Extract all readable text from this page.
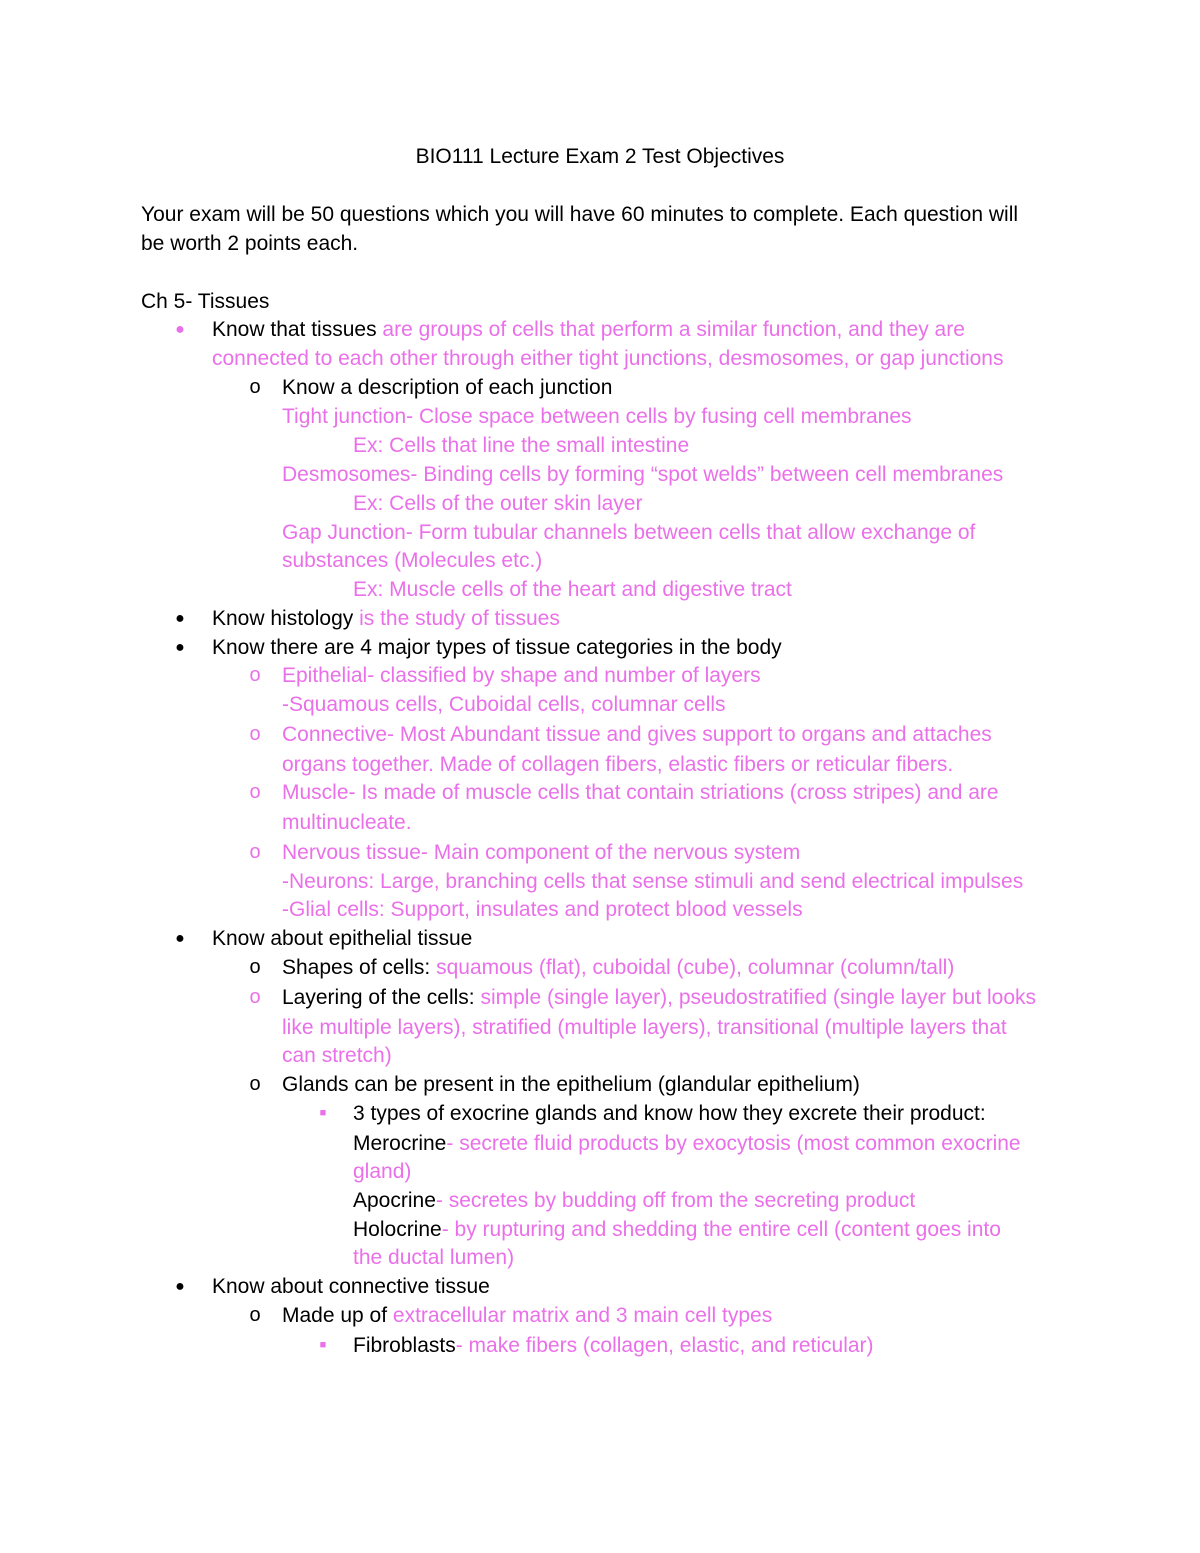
BIO111 Lecture Exam 2 Test Objectives
Your exam will be 50 questions which you will have 60 minutes to complete. Each question will
be worth 2 points each.
Ch 5- Tissues
● Know that tissues are groups of cells that perform a similar function, and they are
connected to each other through either tight junctions, desmosomes, or gap junctions
o Know a description of each junction
Tight junction- Close space between cells by fusing cell membranes
Ex: Cells that line the small intestine
Desmosomes- Binding cells by forming “spot welds” between cell membranes
Ex: Cells of the outer skin layer
Gap Junction- Form tubular channels between cells that allow exchange of
substances (Molecules etc.)
Ex: Muscle cells of the heart and digestive tract
● Know histology is the study of tissues
● Know there are 4 major types of tissue categories in the body
o Epithelial- classified by shape and number of layers
-Squamous cells, Cuboidal cells, columnar cells
o Connective- Most Abundant tissue and gives support to organs and attaches
organs together. Made of collagen fibers, elastic fibers or reticular fibers.
o Muscle- Is made of muscle cells that contain striations (cross stripes) and are
multinucleate.
o Nervous tissue- Main component of the nervous system
-Neurons: Large, branching cells that sense stimuli and send electrical impulses
-Glial cells: Support, insulates and protect blood vessels
● Know about epithelial tissue
o Shapes of cells: squamous (flat), cuboidal (cube), columnar (column/tall)
o Layering of the cells: simple (single layer), pseudostratified (single layer but looks
like multiple layers), stratified (multiple layers), transitional (multiple layers that
can stretch)
o Glands can be present in the epithelium (glandular epithelium)
■	3 types of exocrine glands and know how they excrete their product:
Merocrine- secrete fluid products by exocytosis (most common exocrine
gland)
Apocrine- secretes by budding off from the secreting product
Holocrine- by rupturing and shedding the entire cell (content goes into
the ductal lumen)
● Know about connective tissue
o Made up of extracellular matrix and 3 main cell types
■	Fibroblasts- make fibers (collagen, elastic, and reticular)
